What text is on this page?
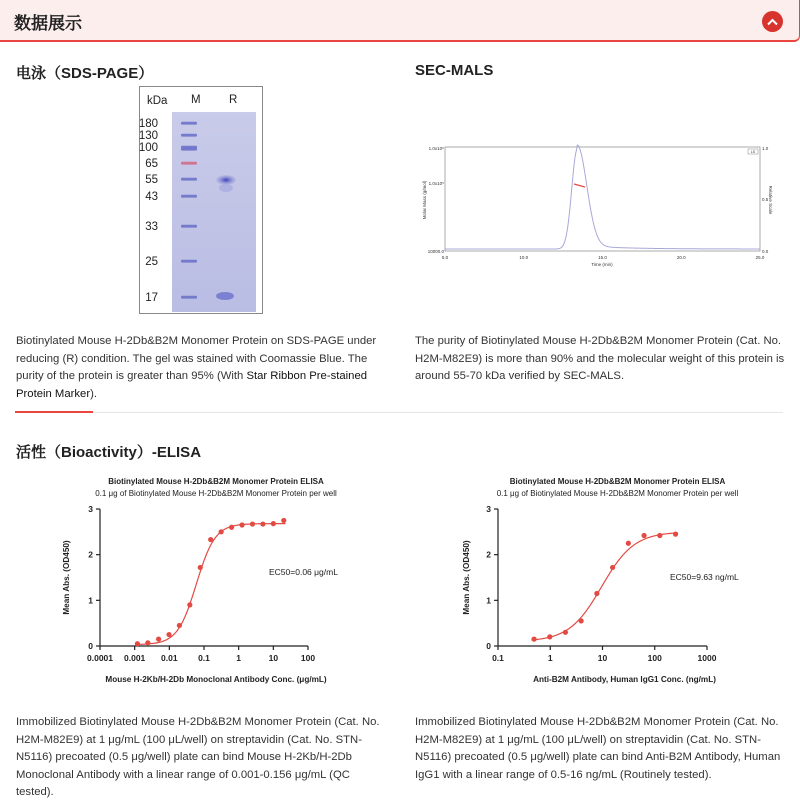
数据展示
电泳（SDS-PAGE）
kDa M R
180
130
100
65
55
43
33
25
17
Biotinylated Mouse H-2Db&B2M Monomer Protein on SDS-PAGE under reducing (R) condition. The gel was stained with Coomassie Blue. The purity of the protein is greater than 95% (With Star Ribbon Pre-stained Protein Marker).
SEC-MALS
Molar Mass (g/mol)	Relative Scale
Time (min)
1.0x10⁶
1.0x10⁵
10000.0
1.0
0.5
0.0
5.0	10.0	15.0	20.0	25.0
LS
The purity of Biotinylated Mouse H-2Db&B2M Monomer Protein (Cat. No. H2M-M82E9) is more than 90% and the molecular weight of this protein is around 55-70 kDa verified by SEC-MALS.
活性（Bioactivity）-ELISA
Biotinylated Mouse H-2Db&B2M Monomer Protein ELISA
0.1 μg of Biotinylated Mouse H-2Db&B2M Monomer Protein per well
0
1
2
3
0.0001 0.001 0.01 0.1	1	10	100
Mouse H-2Kb/H-2Db Monoclonal Antibody Conc. (μg/mL)
Mean Abs. (OD450)	EC50=0.06 μg/mL
Biotinylated Mouse H-2Db&B2M Monomer Protein ELISA
0.1 μg of Biotinylated Mouse H-2Db&B2M Monomer Protein per well
0
1
2
3
0.1	1	10	100	1000
Anti-B2M Antibody, Human IgG1 Conc. (ng/mL)
Mean Abs. (OD450)	EC50=9.63 ng/mL
Immobilized Biotinylated Mouse H-2Db&B2M Monomer Protein (Cat. No. H2M-M82E9) at 1 μg/mL (100 μL/well) on streptavidin (Cat. No. STN-N5116) precoated (0.5 μg/well) plate can bind Mouse H-2Kb/H-2Db Monoclonal Antibody with a linear range of 0.001-0.156 μg/mL (QC tested).
Immobilized Biotinylated Mouse H-2Db&B2M Monomer Protein (Cat. No. H2M-M82E9) at 1 μg/mL (100 μL/well) on streptavidin (Cat. No. STN-N5116) precoated (0.5 μg/well) plate can bind Anti-B2M Antibody, Human IgG1 with a linear range of 0.5-16 ng/mL (Routinely tested).
